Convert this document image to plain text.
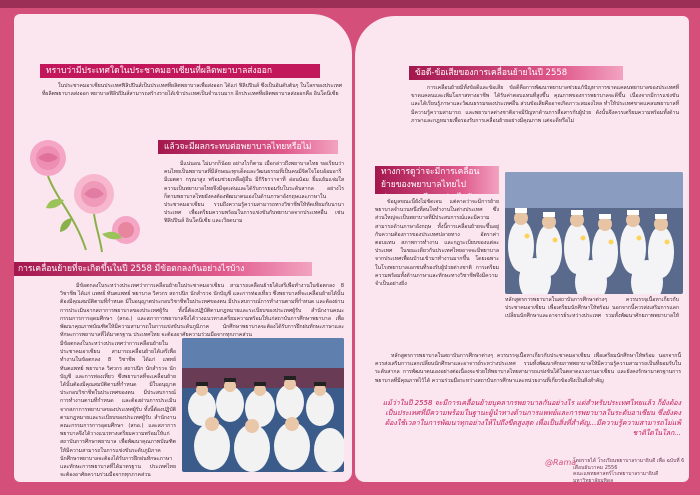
ทราบว่ามีประเทศใดในประชาคมอาเซียนที่ผลิตพยาบาลส่งออก
ในประชาคมอาเซียนประเทศฟิลิปปินส์เป็นประเทศที่ผลิตพยาบาลเพื่อส่งออก ได้แก่ ฟิลิปปินส์ ซึ่งเป็นอันดับต้นๆ ในโลกของประเทศที่ผลิตพยาบาลส่งออก พยาบาลฟิลิปปินส์สามารถสร้างรายได้เข้าประเทศเป็นจำนวนมาก อีกประเทศที่ผลิตพยาบาลส่งออกคือ อินโดนีเซีย
แล้วจะมีผลกระทบต่อพยาบาลไทยหรือไม่
มีแน่นอน ไม่มากก็น้อย อย่างไรก็ตาม เมื่อกล่าวถึงพยาบาลไทย ขอเรียนว่าคนไทยเป็นพยาบาลที่มีลักษณะทุกเด็ดและวัฒนธรรมที่เป็นคนมีจิตใจโอบอ้อมอารี มีเมตตา กรุณาสูง พร้อมช่วยเหลือผู้อื่น มีกิริยาวาจาที่ อ่อนน้อม ยิ้มแย้มแจ่มใส ความเป็นพยาบาลไทยจึงมีจุดเด่นและได้รับการยอมรับในระดับสากล อย่างไรก็ตามพยาบาลไทยยังคงต้องพัฒนาตนเองในด้านภาษาอังกฤษและภาษาในประชาคมอาเซียน รวมถึงความรู้ความสามารถทางวิชาชีพให้ทัดเทียมกับนานาประเทศ เพื่อเตรียมความพร้อมในการแข่งขันกับพยาบาลจากประเทศอื่น เช่น ฟิลิปปินส์ อินโดนีเซีย และเวียดนาม
การเคลื่อนย้ายที่จะเกิดขึ้นในปี 2558 มีข้อตกลงกันอย่างไรบ้าง
มีข้อตกลงในระหว่างประเทศว่าการเคลื่อนย้ายในประชาคมอาเซียน สามารถเคลื่อนย้ายได้เสรีเพื่อทำงานในข้อตกลง 8 วิชาชีพ ได้แก่ แพทย์ ทันตแพทย์ พยาบาล วิศวกร สถาปนิก นักสำรวจ นักบัญชี และการท่องเที่ยว ซึ่งพยาบาลที่จะเคลื่อนย้ายได้นั้นต้องมีคุณสมบัติตามที่กำหนด มีใบอนุญาตประกอบวิชาชีพในประเทศของตน มีประสบการณ์การทำงานตามที่กำหนด และต้องผ่านการประเมินจากสภาการพยาบาลของประเทศผู้รับ ทั้งนี้ต้องปฏิบัติตามกฎหมายและระเบียบของประเทศผู้รับ สำนักงานคณะกรรมการการอุดมศึกษา (สกอ.) และสภาการพยาบาลจึงได้วางแนวทางเตรียมความพร้อมให้แก่สถาบันการศึกษาพยาบาล เพื่อพัฒนาคุณภาพบัณฑิตให้มีความสามารถในการแข่งขันระดับภูมิภาค นักศึกษาพยาบาลจะต้องได้รับการฝึกฝนทักษะภาษาและทักษะการพยาบาลที่ได้มาตรฐาน ประเทศไทย จะต้องอาศัยความร่วมมือจากทุกภาคส่วน
มีข้อตกลงในระหว่างประเทศว่าการเคลื่อนย้ายในประชาคมอาเซียน สามารถเคลื่อนย้ายได้เสรีเพื่อทำงานในข้อตกลง 8 วิชาชีพ ได้แก่ แพทย์ ทันตแพทย์ พยาบาล วิศวกร สถาปนิก นักสำรวจ นักบัญชี และการท่องเที่ยว ซึ่งพยาบาลที่จะเคลื่อนย้ายได้นั้นต้องมีคุณสมบัติตามที่กำหนด มีใบอนุญาตประกอบวิชาชีพในประเทศของตน มีประสบการณ์การทำงานตามที่กำหนด และต้องผ่านการประเมินจากสภาการพยาบาลของประเทศผู้รับ ทั้งนี้ต้องปฏิบัติตามกฎหมายและระเบียบของประเทศผู้รับ สำนักงานคณะกรรมการการอุดมศึกษา (สกอ.) และสภาการพยาบาลจึงได้วางแนวทางเตรียมความพร้อมให้แก่สถาบันการศึกษาพยาบาล เพื่อพัฒนาคุณภาพบัณฑิตให้มีความสามารถในการแข่งขันระดับภูมิภาค นักศึกษาพยาบาลจะต้องได้รับการฝึกฝนทักษะภาษาและทักษะการพยาบาลที่ได้มาตรฐาน ประเทศไทย จะต้องอาศัยความร่วมมือจากทุกภาคส่วน
ข้อดี-ข้อเสียของการเคลื่อนย้ายในปี 2558
การเคลื่อนย้ายมีทั้งข้อดีและข้อเสีย ข้อดีคือการพัฒนาพยาบาลช่วยแก้ปัญหาการขาดแคลนพยาบาลของประเทศที่ขาดแคลนและเพิ่มโอกาสทางอาชีพ ได้รับค่าตอบแทนที่สูงขึ้น คุณภาพของการพยาบาลจะดีขึ้น เนื่องจากมีการแข่งขัน และได้เรียนรู้ภาษาและวัฒนธรรมของประเทศอื่น ส่วนข้อเสียคืออาจเกิดภาวะสมองไหล ทำให้ประเทศขาดแคลนพยาบาลที่มีความรู้ความสามารถ และพยาบาลต่างชาติอาจมีปัญหาด้านการสื่อสารกับผู้ป่วย ดังนั้นจึงควรเตรียมความพร้อมทั้งด้านภาษาและกฎหมายเพื่อรองรับการเคลื่อนย้ายอย่างมีคุณภาพ แต่จะดีหรือไม่
ทางการดูว่าจะมีการเคลื่อนย้ายของพยาบาลไทยไป
ข้อมูลขณะนี้ยังไม่ชัดเจน แต่คาดว่าจะมีการย้ายพยาบาลจำนวนหนึ่งที่สนใจทำงานในต่างประเทศ ซึ่งส่วนใหญ่จะเป็นพยาบาลที่มีประสบการณ์และมีความสามารถด้านภาษาอังกฤษ ทั้งนี้การเคลื่อนย้ายจะขึ้นอยู่กับความต้องการของประเทศปลายทาง อัตราค่าตอบแทน สภาพการทำงาน และกฎระเบียบของแต่ละประเทศ ในขณะเดียวกันประเทศไทยอาจจะมีพยาบาลจากประเทศเพื่อนบ้านเข้ามาทำงานมากขึ้น โดยเฉพาะในโรงพยาบาลเอกชนที่รองรับผู้ป่วยต่างชาติ การเตรียมความพร้อมทั้งด้านภาษาและทักษะทางวิชาชีพจึงมีความจำเป็นอย่างยิ่ง
หลักสูตรการพยาบาลในสถาบันการศึกษาต่างๆ ควรบรรจุเนื้อหาเกี่ยวกับประชาคมอาเซียน เพื่อเตรียมนักศึกษาให้พร้อม นอกจากนี้ควรส่งเสริมการแลกเปลี่ยนนักศึกษาและอาจารย์ระหว่างประเทศ รวมทั้งพัฒนาศักยภาพพยาบาลให้
หลักสูตรการพยาบาลในสถาบันการศึกษาต่างๆ ควรบรรจุเนื้อหาเกี่ยวกับประชาคมอาเซียน เพื่อเตรียมนักศึกษาให้พร้อม นอกจากนี้ควรส่งเสริมการแลกเปลี่ยนนักศึกษาและอาจารย์ระหว่างประเทศ รวมทั้งพัฒนาศักยภาพพยาบาลให้มีความรู้ความสามารถเป็นที่ยอมรับในระดับสากล การพัฒนาตนเองอย่างต่อเนื่องจะช่วยให้พยาบาลไทยสามารถแข่งขันได้ในตลาดแรงงานอาเซียน และยังคงรักษามาตรฐานการพยาบาลที่มีคุณภาพไว้ได้ ความร่วมมือระหว่างสถาบันการศึกษาและหน่วยงานที่เกี่ยวข้องจึงเป็นสิ่งสำคัญ
แม้ว่าในปี 2558 จะมีการเคลื่อนย้ายบุคลากรพยาบาลกันอย่างไร แต่สำหรับประเทศไทยแล้ว ก็ยังต้องเป็นประเทศที่มีความพร้อมในฐานะผู้นำทางด้านการแพทย์และการพยาบาลในระดับอาเซียน ซึ่งยังคงต้องใช้เวลาในการพัฒนาทุกอย่างให้ไปถึงขีดสูงสุด เพื่อเป็นสิ่งที่สำคัญ...มีความรู้ความสามารถไม่แพ้ชาติใดในโลก...
@Rama
โดยรายได้ โรงเรียนพยาบาลรามาธิบดี เพื่อ ฉบับที่ 6 เดือนธันวาคม 2556
คณะแพทยศาสตร์โรงพยาบาลรามาธิบดี มหาวิทยาลัยมหิดล
